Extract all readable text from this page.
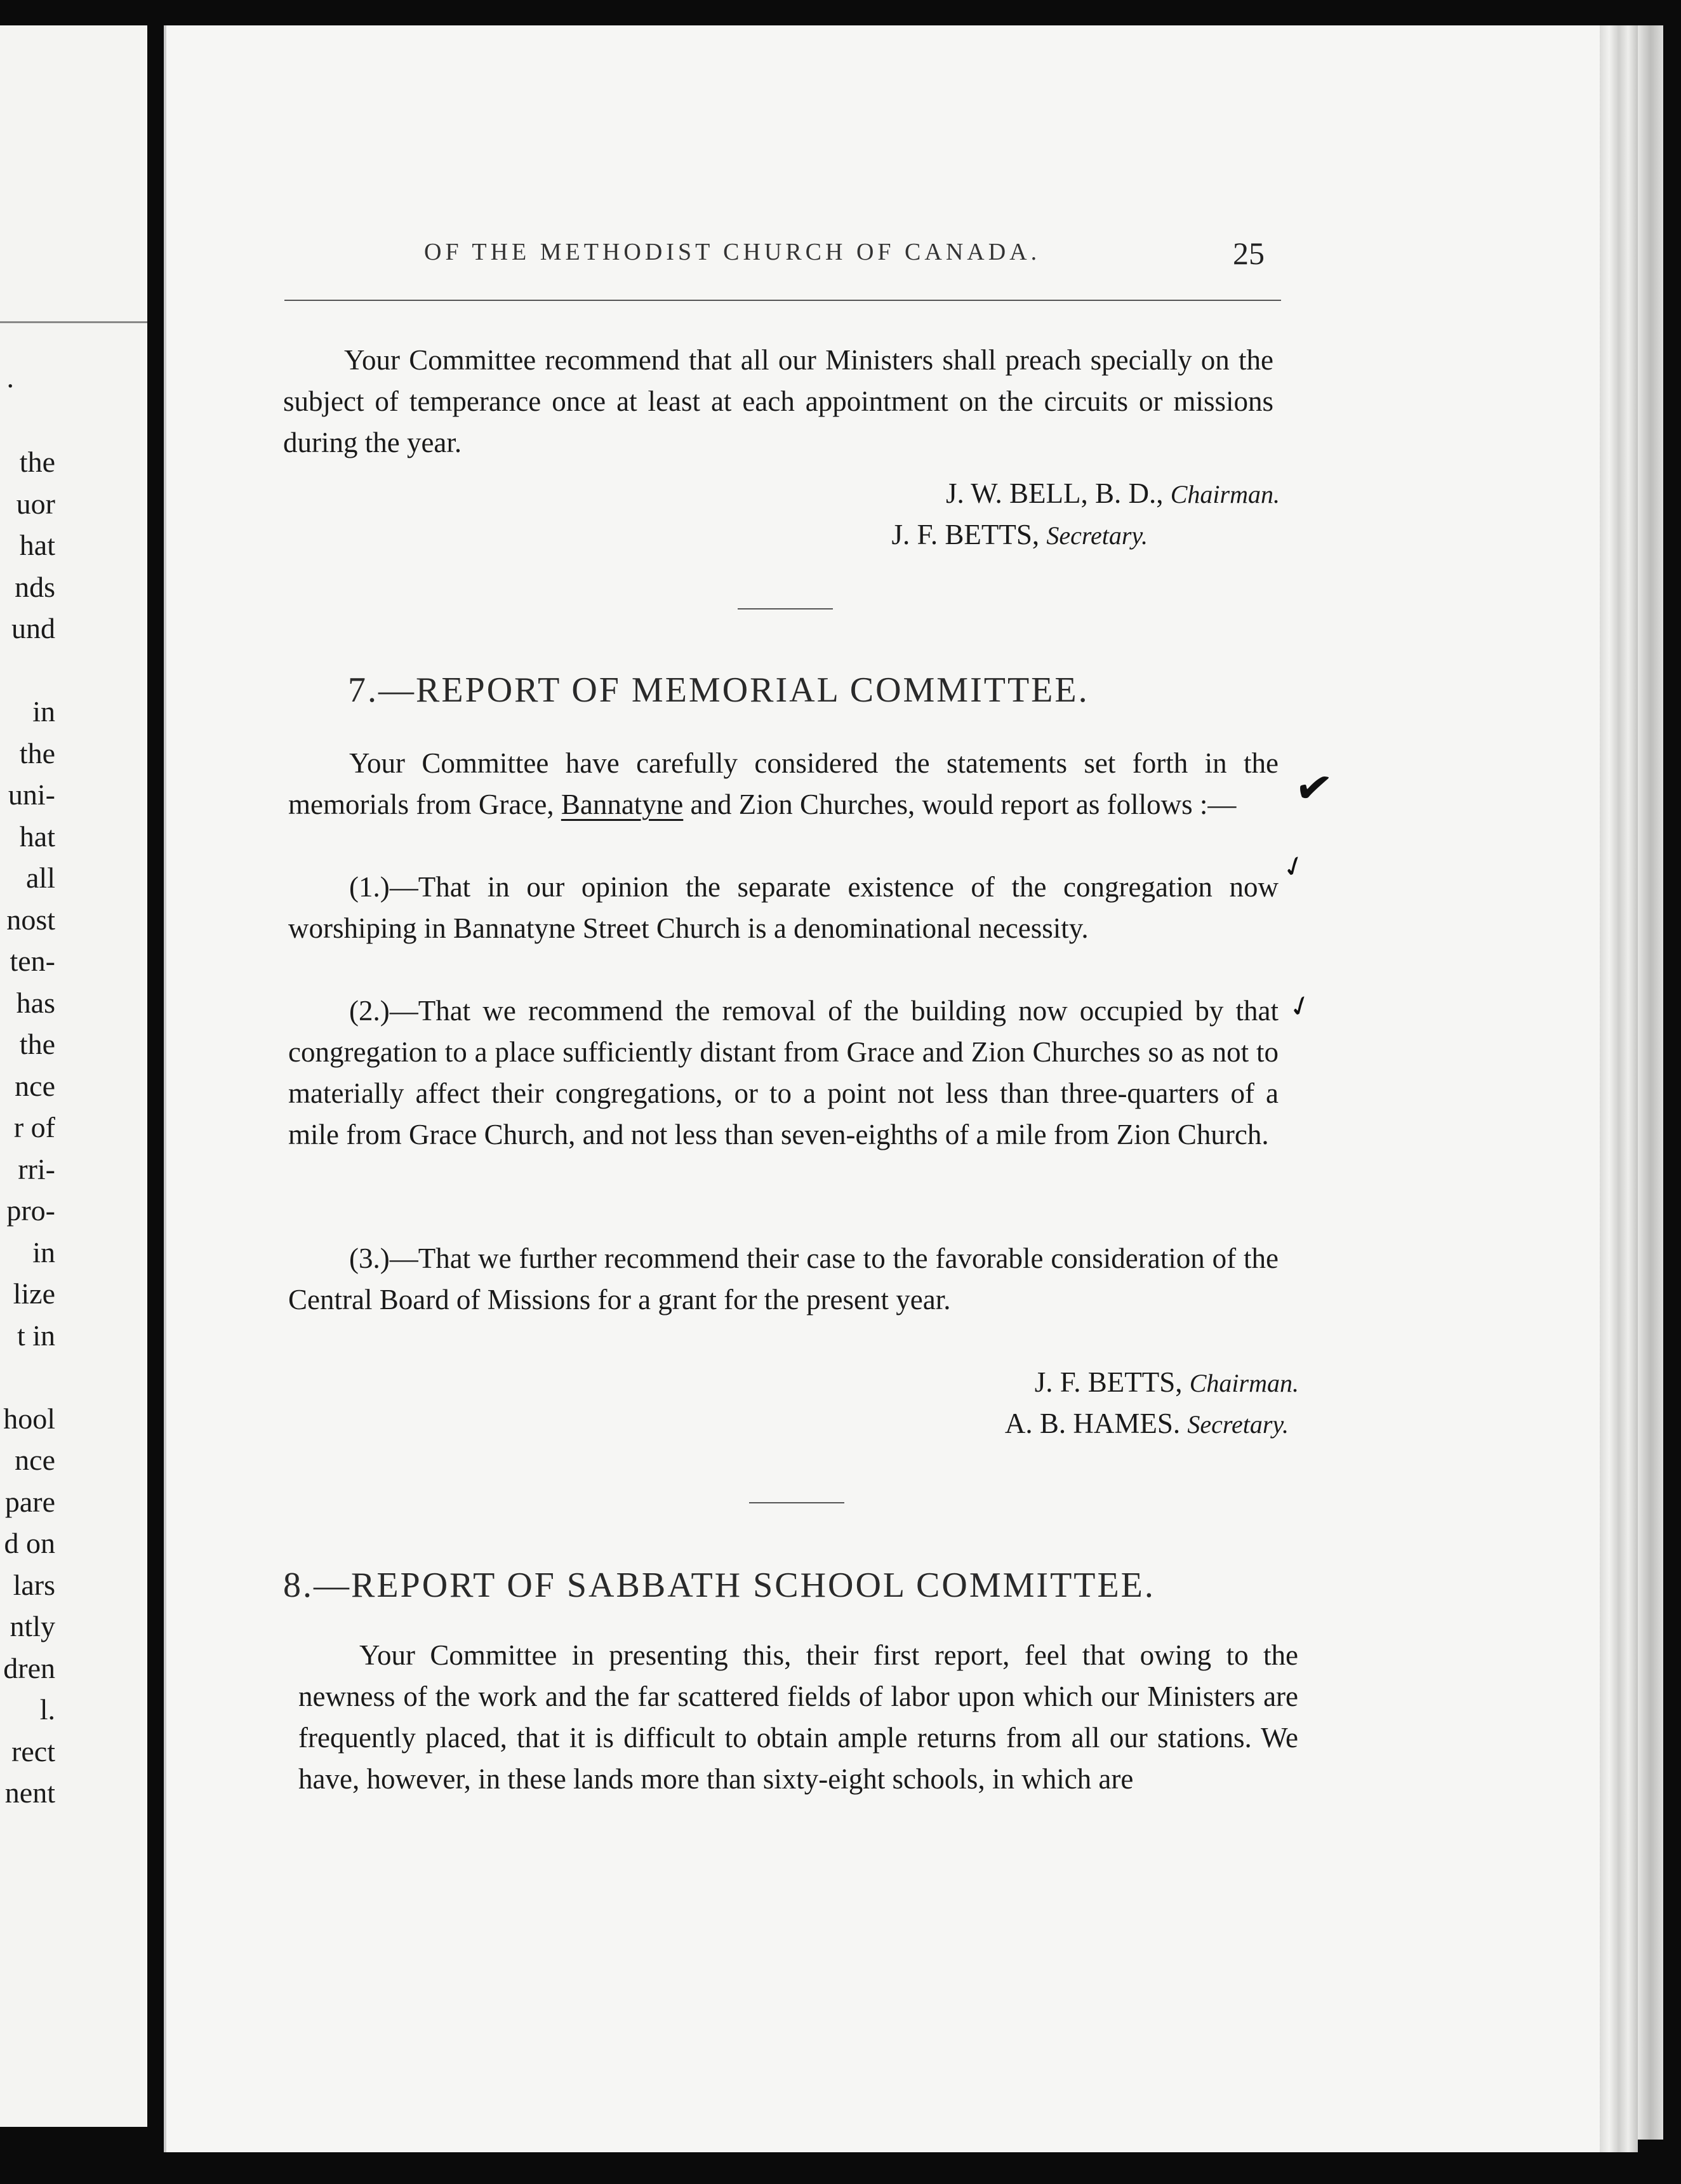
.
the
uor
hat
nds
und

in
the
uni-
hat
all
nost
ten-
has
the
nce
r of
rri-
pro-
in
lize
t in

hool
nce
pare
d on
lars
ntly
dren
l.
rect
nent
OF THE METHODIST CHURCH OF CANADA.	25
Your Committee recommend that all our Ministers shall preach specially on the subject of temperance once at least at each appointment on the circuits or missions during the year.
J. W. BELL, B. D., Chairman.
J. F. BETTS, Secretary.
7.—REPORT OF MEMORIAL COMMITTEE.
Your Committee have carefully considered the statements set forth in the memorials from Grace, Bannatyne and Zion Churches, would report as follows :—
(1.)—That in our opinion the separate existence of the congregation now worshiping in Bannatyne Street Church is a denominational necessity.
(2.)—That we recommend the removal of the building now occupied by that congregation to a place sufficiently distant from Grace and Zion Churches so as not to materially affect their congregations, or to a point not less than three-quarters of a mile from Grace Church, and not less than seven-eighths of a mile from Zion Church.
(3.)—That we further recommend their case to the favorable consideration of the Central Board of Missions for a grant for the present year.
J. F. BETTS, Chairman.
A. B. HAMES. Secretary.
8.—REPORT OF SABBATH SCHOOL COMMITTEE.
Your Committee in presenting this, their first report, feel that owing to the newness of the work and the far scattered fields of labor upon which our Ministers are frequently placed, that it is difficult to obtain ample returns from all our stations. We have, however, in these lands more than sixty-eight schools, in which are
✔
✓
✓
